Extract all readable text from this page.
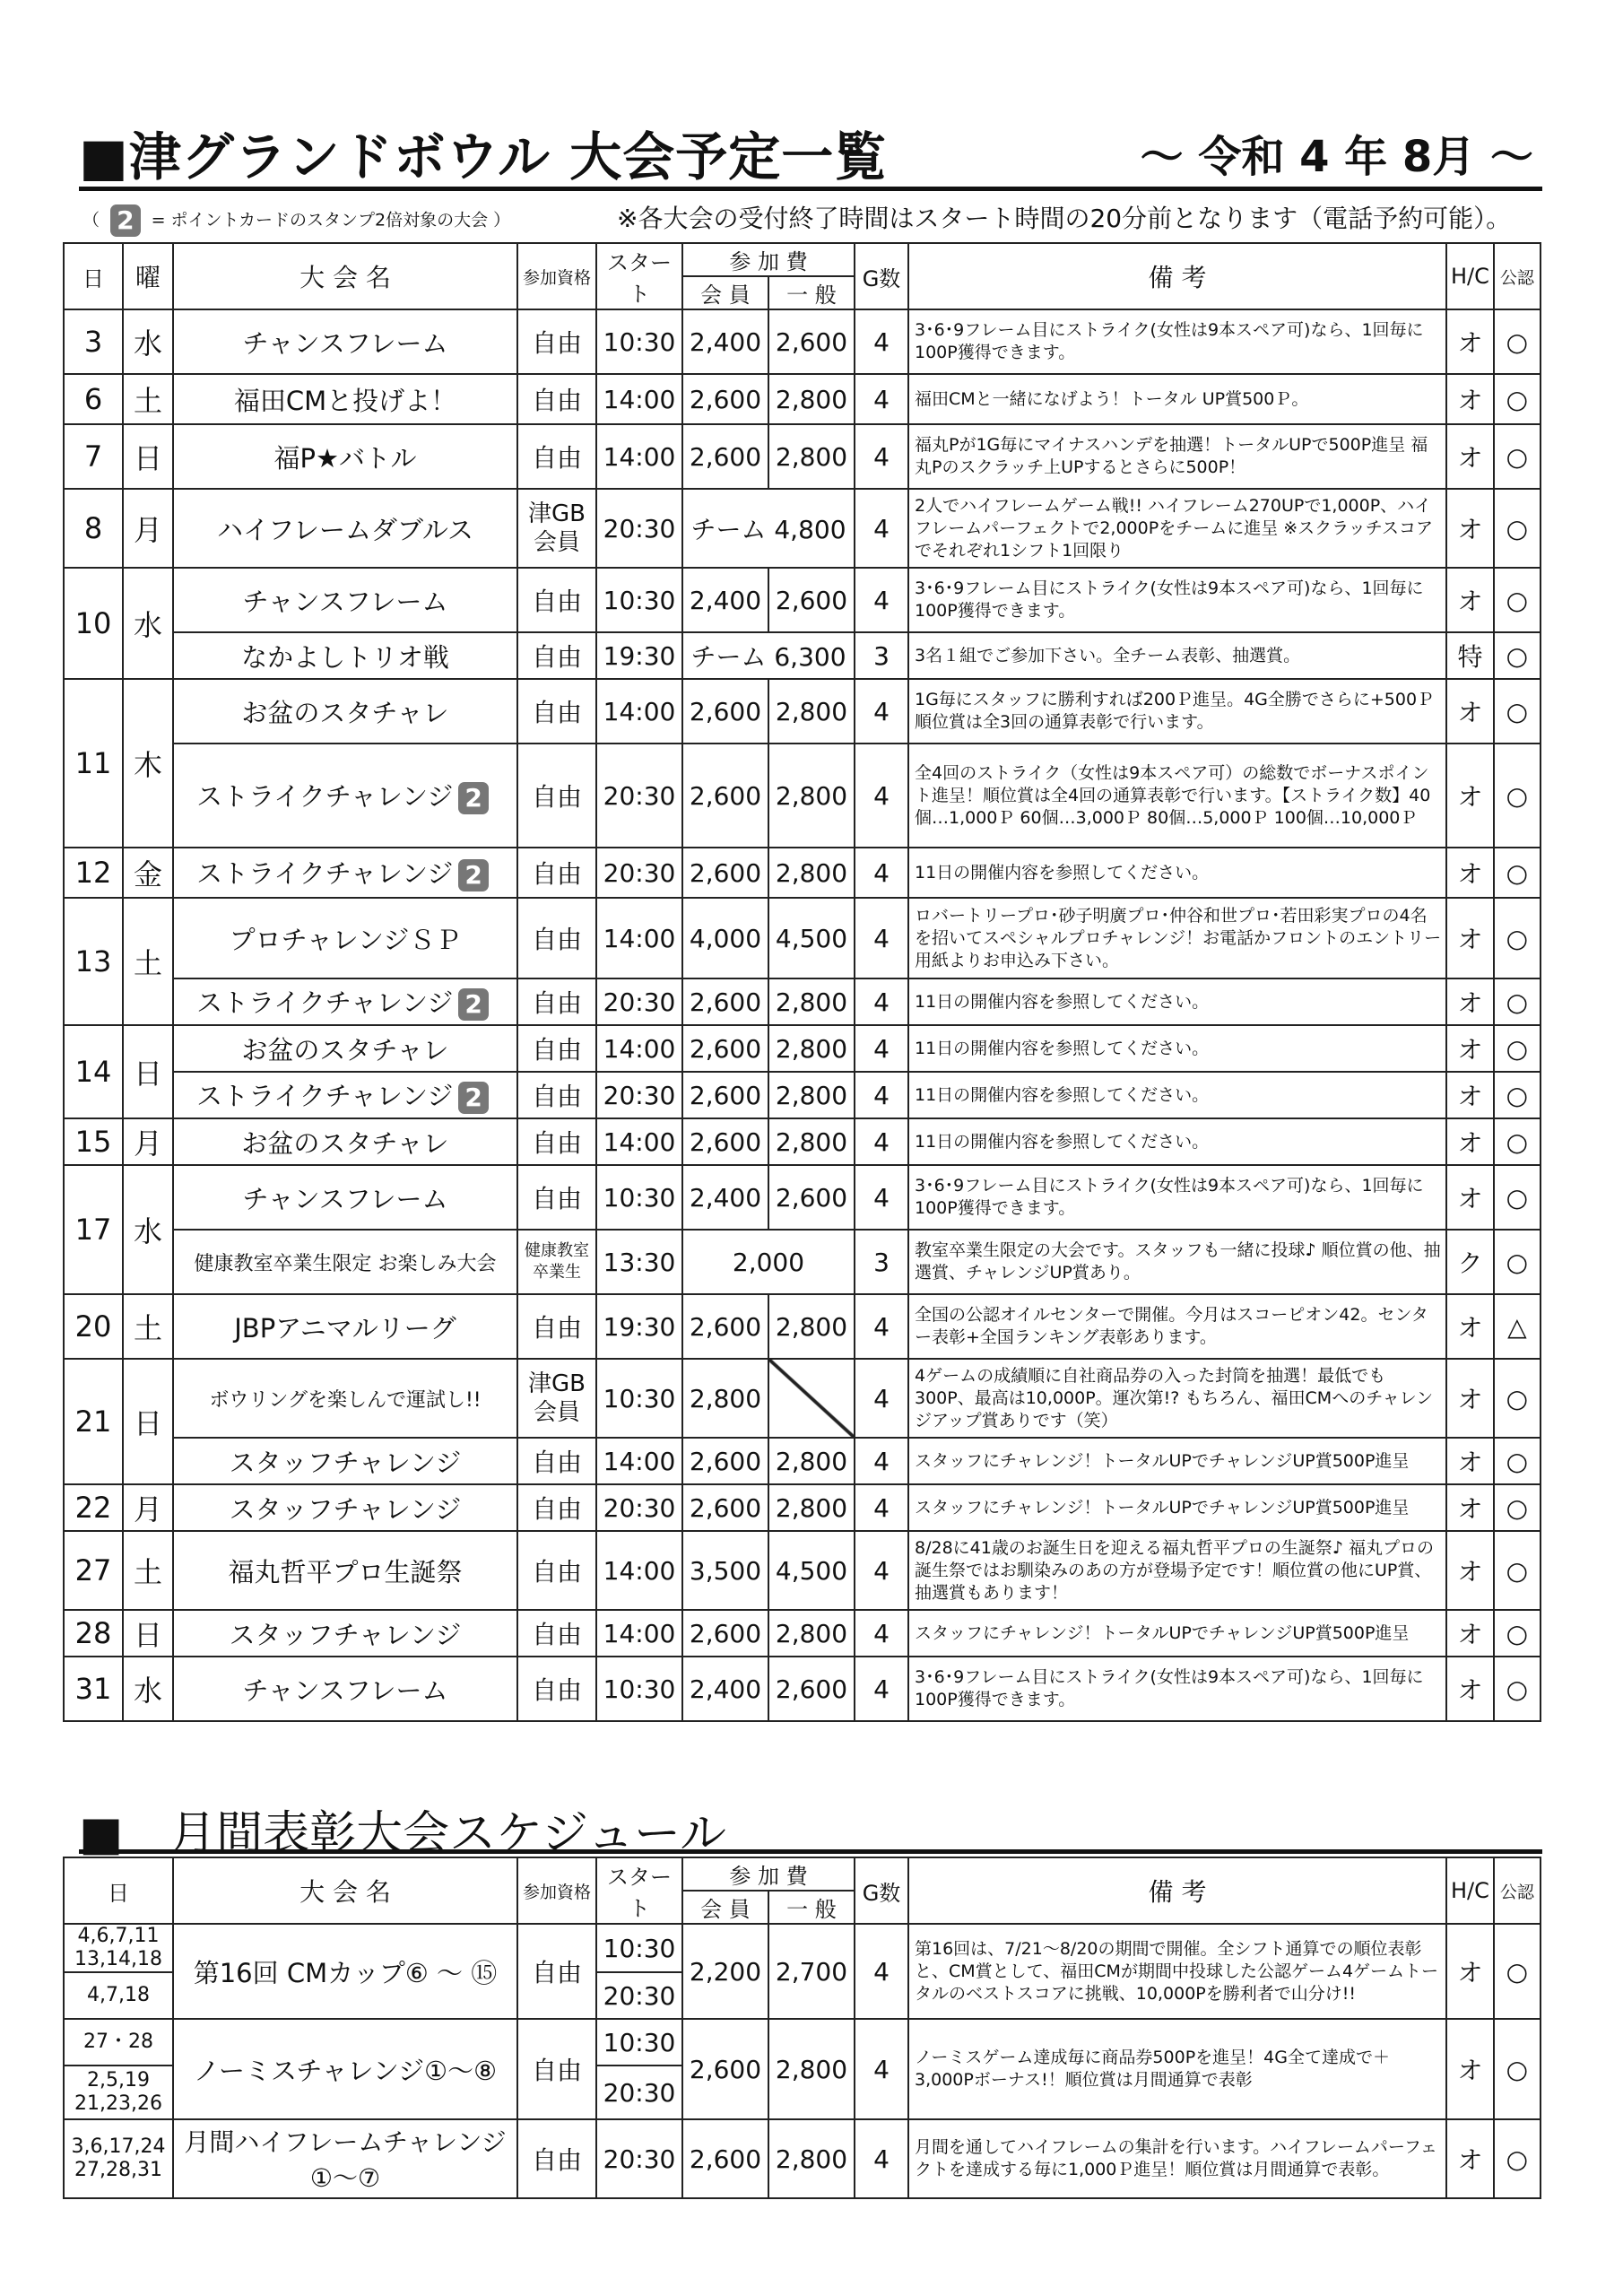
■津グランドボウル 大会予定一覧	～ 令和 4 年 8月 ～
（ 2 = ポイントカードのスタンプ2倍対象の大会 ）	※各大会の受付終了時間はスタート時間の20分前となります（電話予約可能）。
日	曜	大 会 名	参加資格	スタート	参 加 費		G数	備 考	H/C	公認
					会 員	一 般				
3	水	チャンスフレーム	自由	10:30	2,400	2,600	4	3･6･9フレーム目にストライク(女性は9本スペア可)なら、1回毎に100P獲得できます。	オ	○
6	土	福田CMと投げよ！	自由	14:00	2,600	2,800	4	福田CMと一緒になげよう！トータル UP賞500Ｐ。	オ	○
7	日	福P★バトル	自由	14:00	2,600	2,800	4	福丸Pが1G毎にマイナスハンデを抽選！トータルUPで500P進呈 福丸Pのスクラッチ上UPするとさらに500P！	オ	○
8	月	ハイフレームダブルス	津GB会員	20:30	チーム 4,800		4	2人でハイフレームゲーム戦!! ハイフレーム270UPで1,000P、ハイフレームパーフェクトで2,000Pをチームに進呈 ※スクラッチスコアでそれぞれ1シフト1回限り	オ	○
10	水	チャンスフレーム	自由	10:30	2,400	2,600	4	3･6･9フレーム目にストライク(女性は9本スペア可)なら、1回毎に100P獲得できます。	オ	○
		なかよしトリオ戦	自由	19:30	チーム 6,300		3	3名１組でご参加下さい。全チーム表彰、抽選賞。	特	○
11	木	お盆のスタチャレ	自由	14:00	2,600	2,800	4	1G毎にスタッフに勝利すれば200Ｐ進呈。4G全勝でさらに+500Ｐ順位賞は全3回の通算表彰で行います。	オ	○
		ストライクチャレンジ 2	自由	20:30	2,600	2,800	4	全4回のストライク（女性は9本スペア可）の総数でボーナスポイント進呈！順位賞は全4回の通算表彰で行います。【ストライク数】40個…1,000Ｐ 60個…3,000Ｐ 80個…5,000Ｐ 100個…10,000Ｐ	オ	○
12	金	ストライクチャレンジ 2	自由	20:30	2,600	2,800	4	11日の開催内容を参照してください。	オ	○
13	土	プロチャレンジＳＰ	自由	14:00	4,000	4,500	4	ロバートリープロ･砂子明廣プロ･仲谷和世プロ･若田彩実プロの4名を招いてスペシャルプロチャレンジ！お電話かフロントのエントリー用紙よりお申込み下さい。	オ	○
		ストライクチャレンジ 2	自由	20:30	2,600	2,800	4	11日の開催内容を参照してください。	オ	○
14	日	お盆のスタチャレ	自由	14:00	2,600	2,800	4	11日の開催内容を参照してください。	オ	○
		ストライクチャレンジ 2	自由	20:30	2,600	2,800	4	11日の開催内容を参照してください。	オ	○
15	月	お盆のスタチャレ	自由	14:00	2,600	2,800	4	11日の開催内容を参照してください。	オ	○
17	水	チャンスフレーム	自由	10:30	2,400	2,600	4	3･6･9フレーム目にストライク(女性は9本スペア可)なら、1回毎に100P獲得できます。	オ	○
		健康教室卒業生限定 お楽しみ大会	健康教室卒業生	13:30	2,000		3	教室卒業生限定の大会です。スタッフも一緒に投球♪ 順位賞の他、抽選賞、チャレンジUP賞あり。	ク	○
20	土	JBPアニマルリーグ	自由	19:30	2,600	2,800	4	全国の公認オイルセンターで開催。今月はスコーピオン42。センター表彰+全国ランキング表彰あります。	オ	△
21	日	ボウリングを楽しんで運試し!!	津GB会員	10:30	2,800		4	4ゲームの成績順に自社商品券の入った封筒を抽選！最低でも300P、最高は10,000P。運次第!? もちろん、福田CMへのチャレンジアップ賞ありです（笑）	オ	○
		スタッフチャレンジ	自由	14:00	2,600	2,800	4	スタッフにチャレンジ！トータルUPでチャレンジUP賞500P進呈	オ	○
22	月	スタッフチャレンジ	自由	20:30	2,600	2,800	4	スタッフにチャレンジ！トータルUPでチャレンジUP賞500P進呈	オ	○
27	土	福丸哲平プロ生誕祭	自由	14:00	3,500	4,500	4	8/28に41歳のお誕生日を迎える福丸哲平プロの生誕祭♪ 福丸プロの誕生祭ではお馴染みのあの方が登場予定です！順位賞の他にUP賞、抽選賞もあります！	オ	○
28	日	スタッフチャレンジ	自由	14:00	2,600	2,800	4	スタッフにチャレンジ！トータルUPでチャレンジUP賞500P進呈	オ	○
31	水	チャンスフレーム	自由	10:30	2,400	2,600	4	3･6･9フレーム目にストライク(女性は9本スペア可)なら、1回毎に100P獲得できます。	オ	○
■　月間表彰大会スケジュール
日	大 会 名	参加資格	スタート	参 加 費		G数	備 考	H/C	公認
				会 員	一 般				
4,6,7,11 13,14,18	第16回 CMカップ⑥ ～ ⑮	自由	10:30	2,200	2,700	4	第16回は、7/21～8/20の期間で開催。全シフト通算での順位表彰と、CM賞として、福田CMが期間中投球した公認ゲーム4ゲームトータルのベストスコアに挑戦、10,000Pを勝利者で山分け!!	オ	○
4,7,18			20:30						
27・28	ノーミスチャレンジ①～⑧	自由	10:30	2,600	2,800	4	ノーミスゲーム達成毎に商品券500Pを進呈！4G全て達成で＋3,000Pボーナス!！順位賞は月間通算で表彰	オ	○
2,5,19 21,23,26			20:30						
3,6,17,24 27,28,31	月間ハイフレームチャレンジ ①～⑦	自由	20:30	2,600	2,800	4	月間を通してハイフレームの集計を行います。ハイフレームパーフェクトを達成する毎に1,000Ｐ進呈！順位賞は月間通算で表彰。	オ	○
